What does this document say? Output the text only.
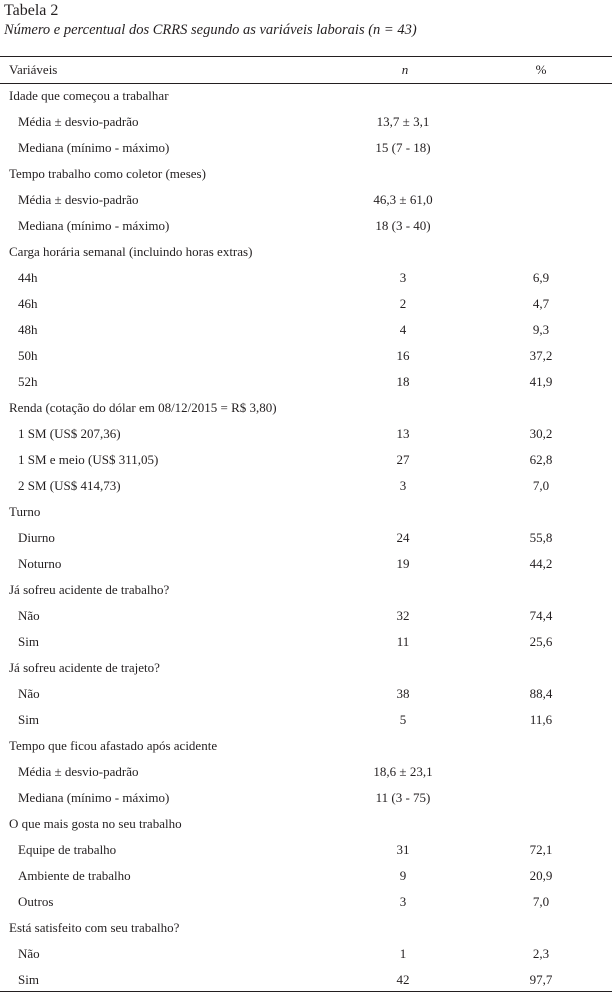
Tabela 2
Número e percentual dos CRRS segundo as variáveis laborais (n = 43)
Variáveis	n	%
Idade que começou a trabalhar
Média ± desvio-padrão	13,7 ± 3,1
Mediana (mínimo - máximo)	15 (7 - 18)
Tempo trabalho como coletor (meses)
Média ± desvio-padrão	46,3 ± 61,0
Mediana (mínimo - máximo)	18 (3 - 40)
Carga horária semanal (incluindo horas extras)
44h	3	6,9
46h	2	4,7
48h	4	9,3
50h	16	37,2
52h	18	41,9
Renda (cotação do dólar em 08/12/2015 = R$ 3,80)
1 SM (US$ 207,36)	13	30,2
1 SM e meio (US$ 311,05)	27	62,8
2 SM (US$ 414,73)	3	7,0
Turno
Diurno	24	55,8
Noturno	19	44,2
Já sofreu acidente de trabalho?
Não	32	74,4
Sim	11	25,6
Já sofreu acidente de trajeto?
Não	38	88,4
Sim	5	11,6
Tempo que ficou afastado após acidente
Média ± desvio-padrão	18,6 ± 23,1
Mediana (mínimo - máximo)	11 (3 - 75)
O que mais gosta no seu trabalho
Equipe de trabalho	31	72,1
Ambiente de trabalho	9	20,9
Outros	3	7,0
Está satisfeito com seu trabalho?
Não	1	2,3
Sim	42	97,7
